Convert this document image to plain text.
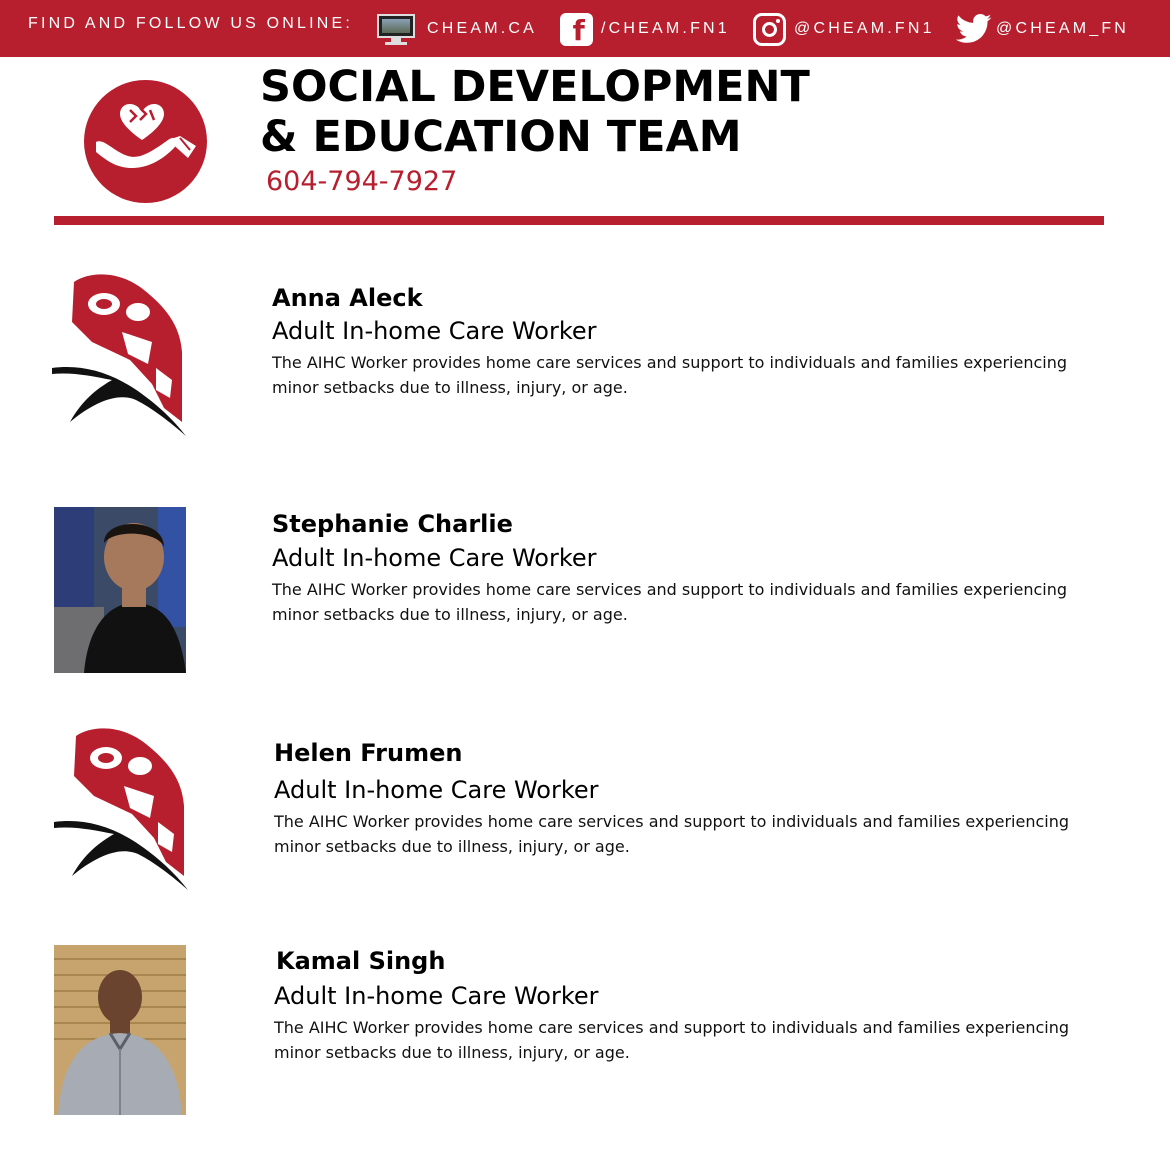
FIND AND FOLLOW US ONLINE:	CHEAM.CA	f /CHEAM.FN1	@CHEAM.FN1	@CHEAM_FN
SOCIAL DEVELOPMENT
& EDUCATION TEAM
604-794-7927
Anna Aleck
Adult In-home Care Worker
The AIHC Worker provides home care services and support to individuals and families experiencing minor setbacks due to illness, injury, or age.
Stephanie Charlie
Adult In-home Care Worker
The AIHC Worker provides home care services and support to individuals and families experiencing minor setbacks due to illness, injury, or age.
Helen Frumen
Adult In-home Care Worker
The AIHC Worker provides home care services and support to individuals and families experiencing minor setbacks due to illness, injury, or age.
Kamal Singh
Adult In-home Care Worker
The AIHC Worker provides home care services and support to individuals and families experiencing minor setbacks due to illness, injury, or age.
